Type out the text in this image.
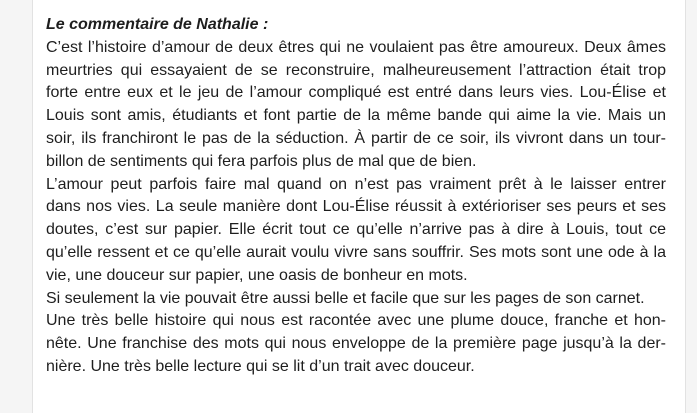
Le commentaire de Nathalie :
C’est l’histoire d’amour de deux êtres qui ne voulaient pas être amoureux. Deux âmes
meurtries qui essayaient de se reconstruire, malheureusement l’attraction était trop
forte entre eux et le jeu de l’amour compliqué est entré dans leurs vies. Lou-Élise et
Louis sont amis, étudiants et font partie de la même bande qui aime la vie. Mais un
soir, ils franchiront le pas de la séduction. À partir de ce soir, ils vivront dans un tour-
billon de sentiments qui fera parfois plus de mal que de bien.
L’amour peut parfois faire mal quand on n’est pas vraiment prêt à le laisser entrer
dans nos vies. La seule manière dont Lou-Élise réussit à extérioriser ses peurs et ses
doutes, c’est sur papier. Elle écrit tout ce qu’elle n’arrive pas à dire à Louis, tout ce
qu’elle ressent et ce qu’elle aurait voulu vivre sans souffrir. Ses mots sont une ode à la
vie, une douceur sur papier, une oasis de bonheur en mots.
Si seulement la vie pouvait être aussi belle et facile que sur les pages de son carnet.
Une très belle histoire qui nous est racontée avec une plume douce, franche et hon-
nête. Une franchise des mots qui nous enveloppe de la première page jusqu’à la der-
nière. Une très belle lecture qui se lit d’un trait avec douceur.
